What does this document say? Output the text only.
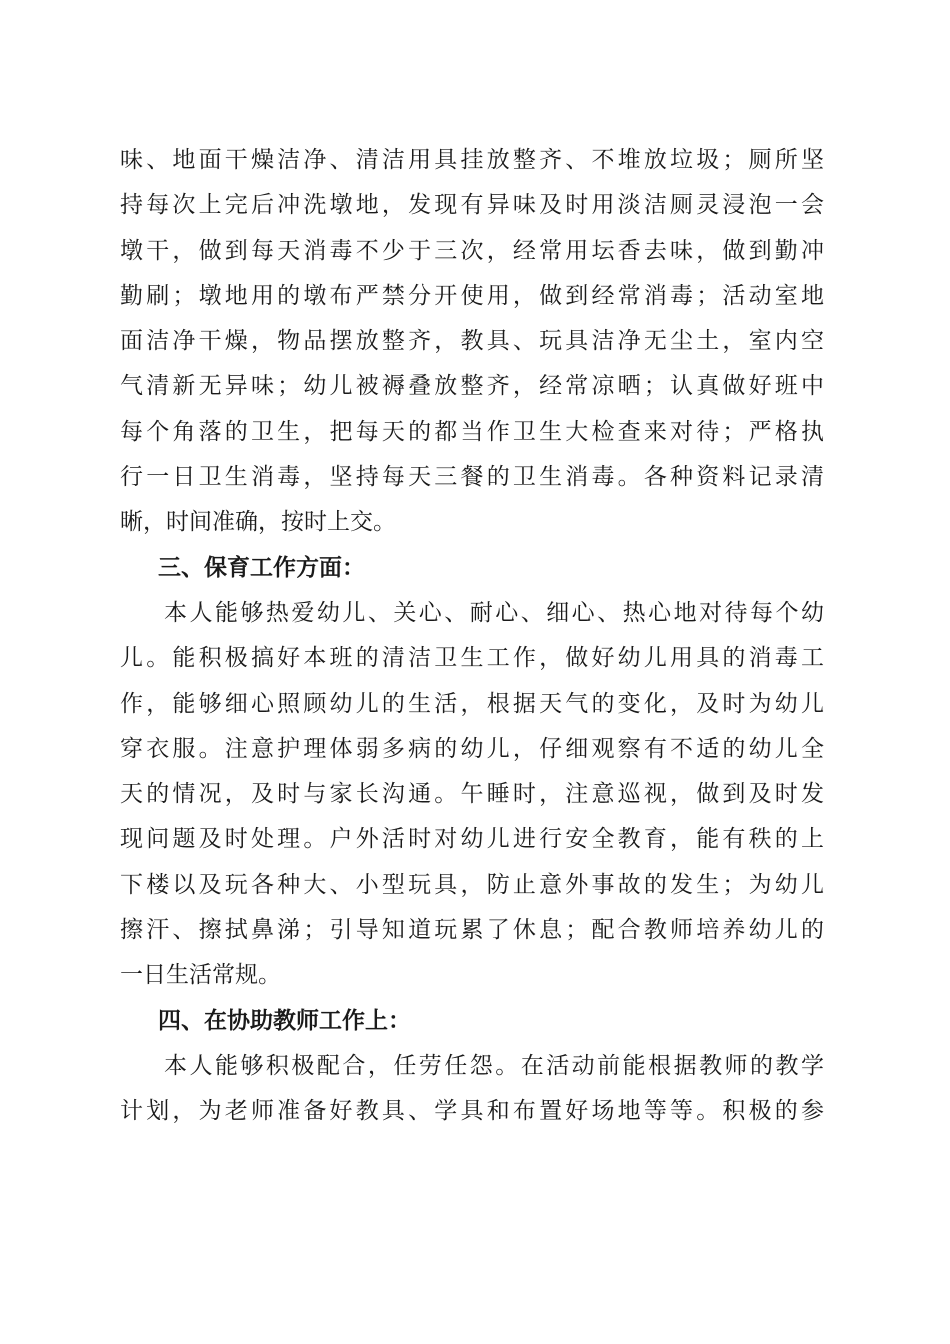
味、地面干燥洁净、清洁用具挂放整齐、不堆放垃圾；厕所坚
持每次上完后冲洗墩地，发现有异味及时用淡洁厕灵浸泡一会
墩干，做到每天消毒不少于三次，经常用坛香去味，做到勤冲
勤刷；墩地用的墩布严禁分开使用，做到经常消毒；活动室地
面洁净干燥，物品摆放整齐，教具、玩具洁净无尘土，室内空
气清新无异味；幼儿被褥叠放整齐，经常凉晒；认真做好班中
每个角落的卫生，把每天的都当作卫生大检查来对待；严格执
行一日卫生消毒，坚持每天三餐的卫生消毒。各种资料记录清
晰，时间准确，按时上交。
三、保育工作方面：
本人能够热爱幼儿、关心、耐心、细心、热心地对待每个幼
儿。能积极搞好本班的清洁卫生工作，做好幼儿用具的消毒工
作，能够细心照顾幼儿的生活，根据天气的变化，及时为幼儿
穿衣服。注意护理体弱多病的幼儿，仔细观察有不适的幼儿全
天的情况，及时与家长沟通。午睡时，注意巡视，做到及时发
现问题及时处理。户外活时对幼儿进行安全教育，能有秩的上
下楼以及玩各种大、小型玩具，防止意外事故的发生；为幼儿
擦汗、擦拭鼻涕；引导知道玩累了休息；配合教师培养幼儿的
一日生活常规。
四、在协助教师工作上：
本人能够积极配合，任劳任怨。在活动前能根据教师的教学
计划，为老师准备好教具、学具和布置好场地等等。积极的参
